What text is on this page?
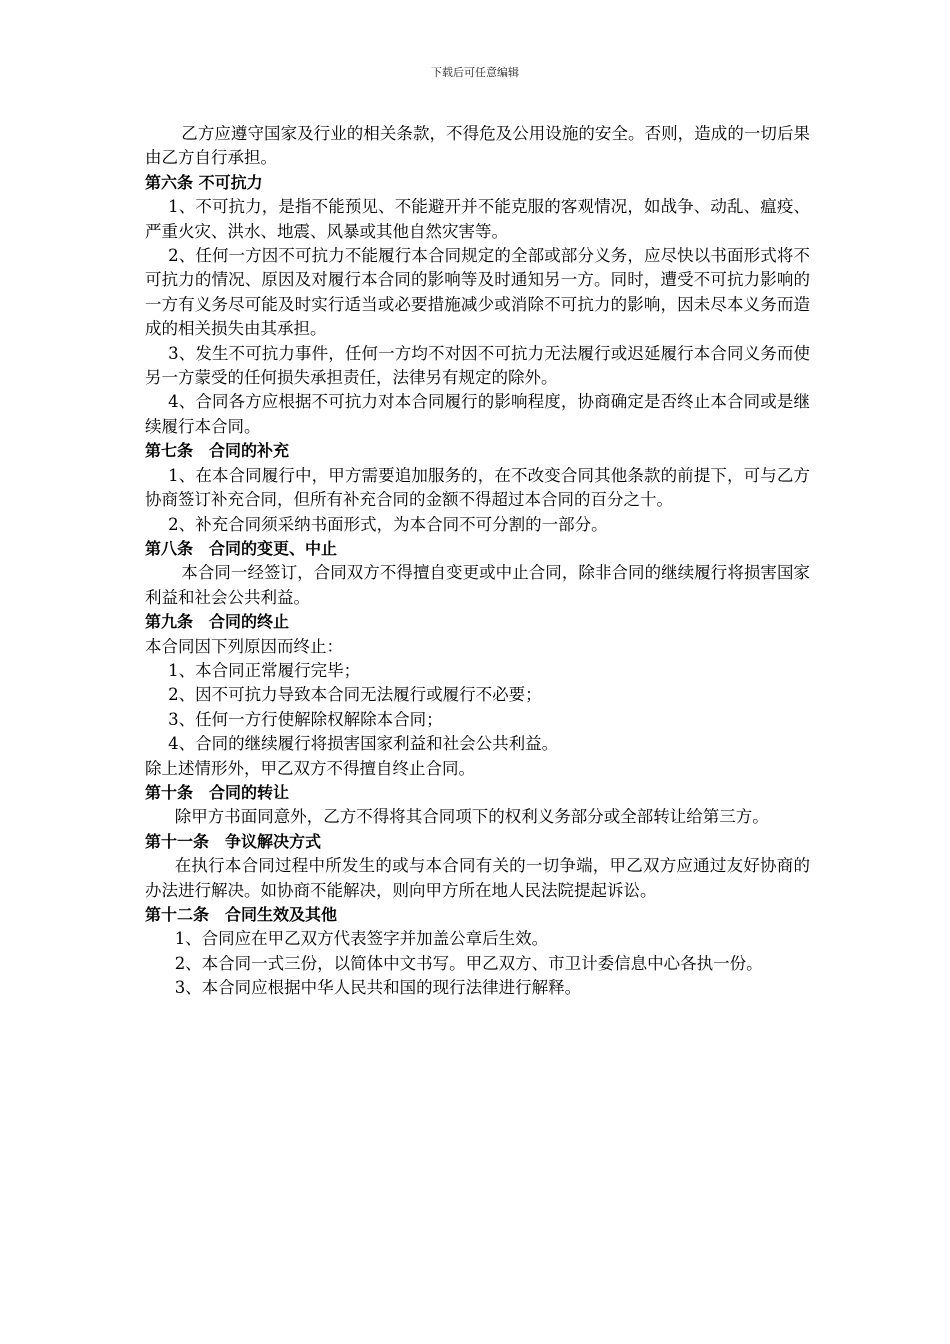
下载后可任意编辑

乙方应遵守国家及行业的相关条款，不得危及公用设施的安全。否则，造成的一切后果由乙方自行承担。

第六条 不可抗力

1、不可抗力，是指不能预见、不能避开并不能克服的客观情况，如战争、动乱、瘟疫、严重火灾、洪水、地震、风暴或其他自然灾害等。

2、任何一方因不可抗力不能履行本合同规定的全部或部分义务，应尽快以书面形式将不可抗力的情况、原因及对履行本合同的影响等及时通知另一方。同时，遭受不可抗力影响的一方有义务尽可能及时实行适当或必要措施减少或消除不可抗力的影响，因未尽本义务而造成的相关损失由其承担。

3、发生不可抗力事件，任何一方均不对因不可抗力无法履行或迟延履行本合同义务而使另一方蒙受的任何损失承担责任，法律另有规定的除外。

4、合同各方应根据不可抗力对本合同履行的影响程度，协商确定是否终止本合同或是继续履行本合同。

第七条　合同的补充

1、在本合同履行中，甲方需要追加服务的，在不改变合同其他条款的前提下，可与乙方协商签订补充合同，但所有补充合同的金额不得超过本合同的百分之十。

2、补充合同须采纳书面形式，为本合同不可分割的一部分。

第八条　合同的变更、中止

本合同一经签订，合同双方不得擅自变更或中止合同，除非合同的继续履行将损害国家利益和社会公共利益。

第九条　合同的终止

本合同因下列原因而终止：

1、本合同正常履行完毕；

2、因不可抗力导致本合同无法履行或履行不必要；

3、任何一方行使解除权解除本合同；

4、合同的继续履行将损害国家利益和社会公共利益。

除上述情形外，甲乙双方不得擅自终止合同。

第十条　合同的转让

除甲方书面同意外，乙方不得将其合同项下的权利义务部分或全部转让给第三方。

第十一条　争议解决方式

在执行本合同过程中所发生的或与本合同有关的一切争端，甲乙双方应通过友好协商的办法进行解决。如协商不能解决，则向甲方所在地人民法院提起诉讼。

第十二条　合同生效及其他

1、合同应在甲乙双方代表签字并加盖公章后生效。

2、本合同一式三份，以简体中文书写。甲乙双方、市卫计委信息中心各执一份。

3、本合同应根据中华人民共和国的现行法律进行解释。
